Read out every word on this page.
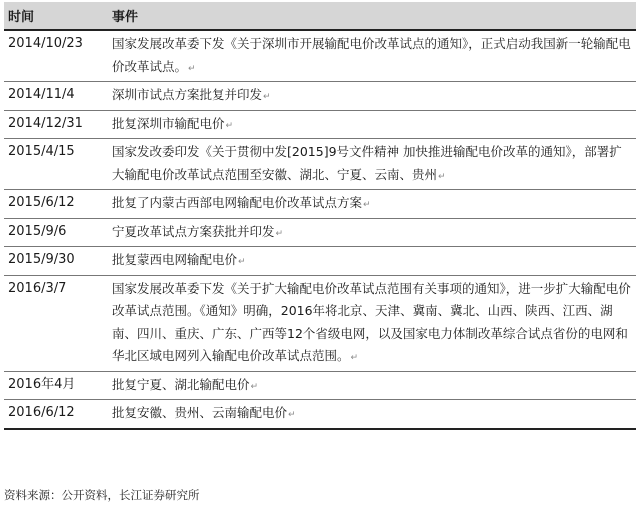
时间	事件
2014/10/23	国家发展改革委下发《关于深圳市开展输配电价改革试点的通知》，正式启动我国新一轮输配电价改革试点。↵
2014/11/4	深圳市试点方案批复并印发↵
2014/12/31	批复深圳市输配电价↵
2015/4/15	国家发改委印发《关于贯彻中发[2015]9号文件精神 加快推进输配电价改革的通知》，部署扩大输配电价改革试点范围至安徽、湖北、宁夏、云南、贵州↵
2015/6/12	批复了内蒙古西部电网输配电价改革试点方案↵
2015/9/6	宁夏改革试点方案获批并印发↵
2015/9/30	批复蒙西电网输配电价↵
2016/3/7	国家发展改革委下发《关于扩大输配电价改革试点范围有关事项的通知》，进一步扩大输配电价改革试点范围。《通知》明确，2016年将北京、天津、冀南、冀北、山西、陕西、江西、湖南、四川、重庆、广东、广西等12个省级电网，以及国家电力体制改革综合试点省份的电网和华北区域电网列入输配电价改革试点范围。↵
2016年4月	批复宁夏、湖北输配电价↵
2016/6/12	批复安徽、贵州、云南输配电价↵
资料来源：公开资料，长江证券研究所
